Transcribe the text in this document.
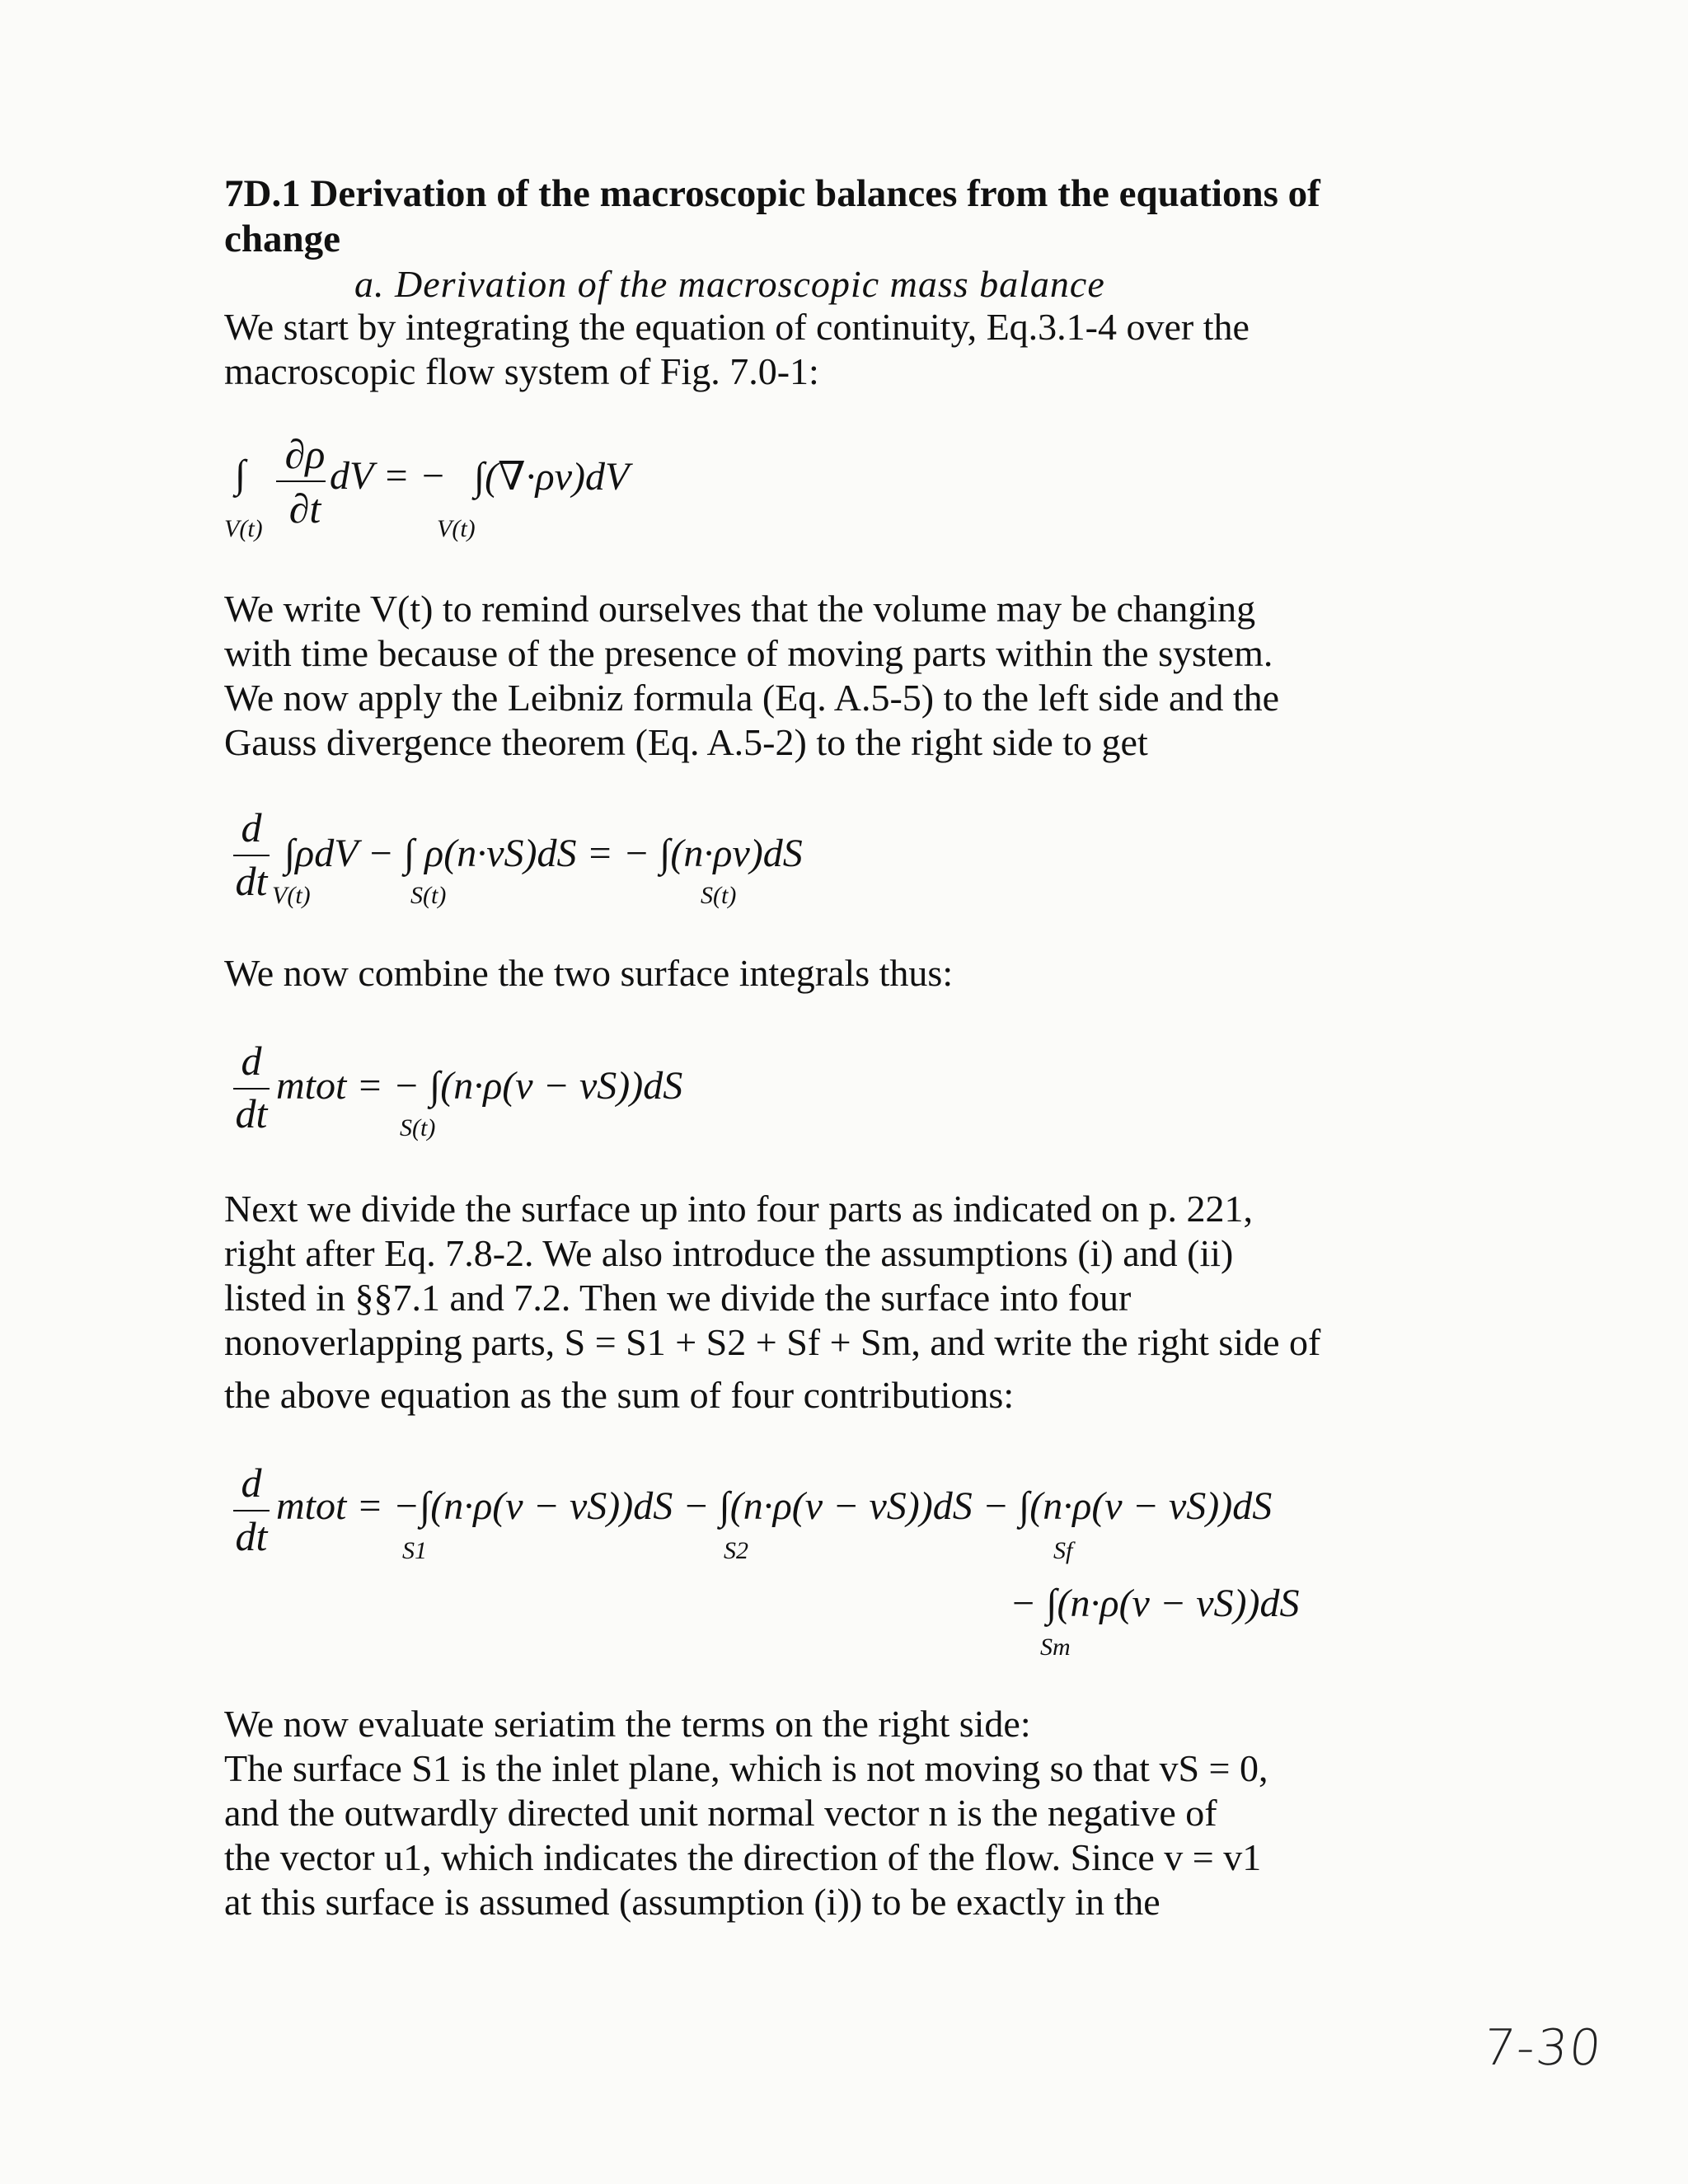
7D.1 Derivation of the macroscopic balances from the equations of
change
a. Derivation of the macroscopic mass balance
We start by integrating the equation of continuity, Eq.3.1-4 over the
macroscopic flow system of Fig. 7.0-1:
∫ ∂ρ
∂t
dV = − ∫(∇·ρv)dV
V(t)	V(t)
We write V(t) to remind ourselves that the volume may be changing
with time because of the presence of moving parts within the system.
We now apply the Leibniz formula (Eq. A.5-5) to the left side and the
Gauss divergence theorem (Eq. A.5-2) to the right side to get
d
dt
∫ρdV − ∫ ρ(n·vS)dS = − ∫(n·ρv)dS
V(t)	S(t)	S(t)
We now combine the two surface integrals thus:
d
dt
mtot = − ∫(n·ρ(v − vS))dS
S(t)
Next we divide the surface up into four parts as indicated on p. 221,
right after Eq. 7.8-2. We also introduce the assumptions (i) and (ii)
listed in §§7.1 and 7.2. Then we divide the surface into four
nonoverlapping parts, S = S1 + S2 + Sf + Sm, and write the right side of
the above equation as the sum of four contributions:
d
dt
mtot = −∫(n·ρ(v − vS))dS − ∫(n·ρ(v − vS))dS − ∫(n·ρ(v − vS))dS
S1	S2	Sf
− ∫(n·ρ(v − vS))dS
Sm
We now evaluate seriatim the terms on the right side:
The surface S1 is the inlet plane, which is not moving so that vS = 0,
and the outwardly directed unit normal vector n is the negative of
the vector u1, which indicates the direction of the flow. Since v = v1
at this surface is assumed (assumption (i)) to be exactly in the
7-30
